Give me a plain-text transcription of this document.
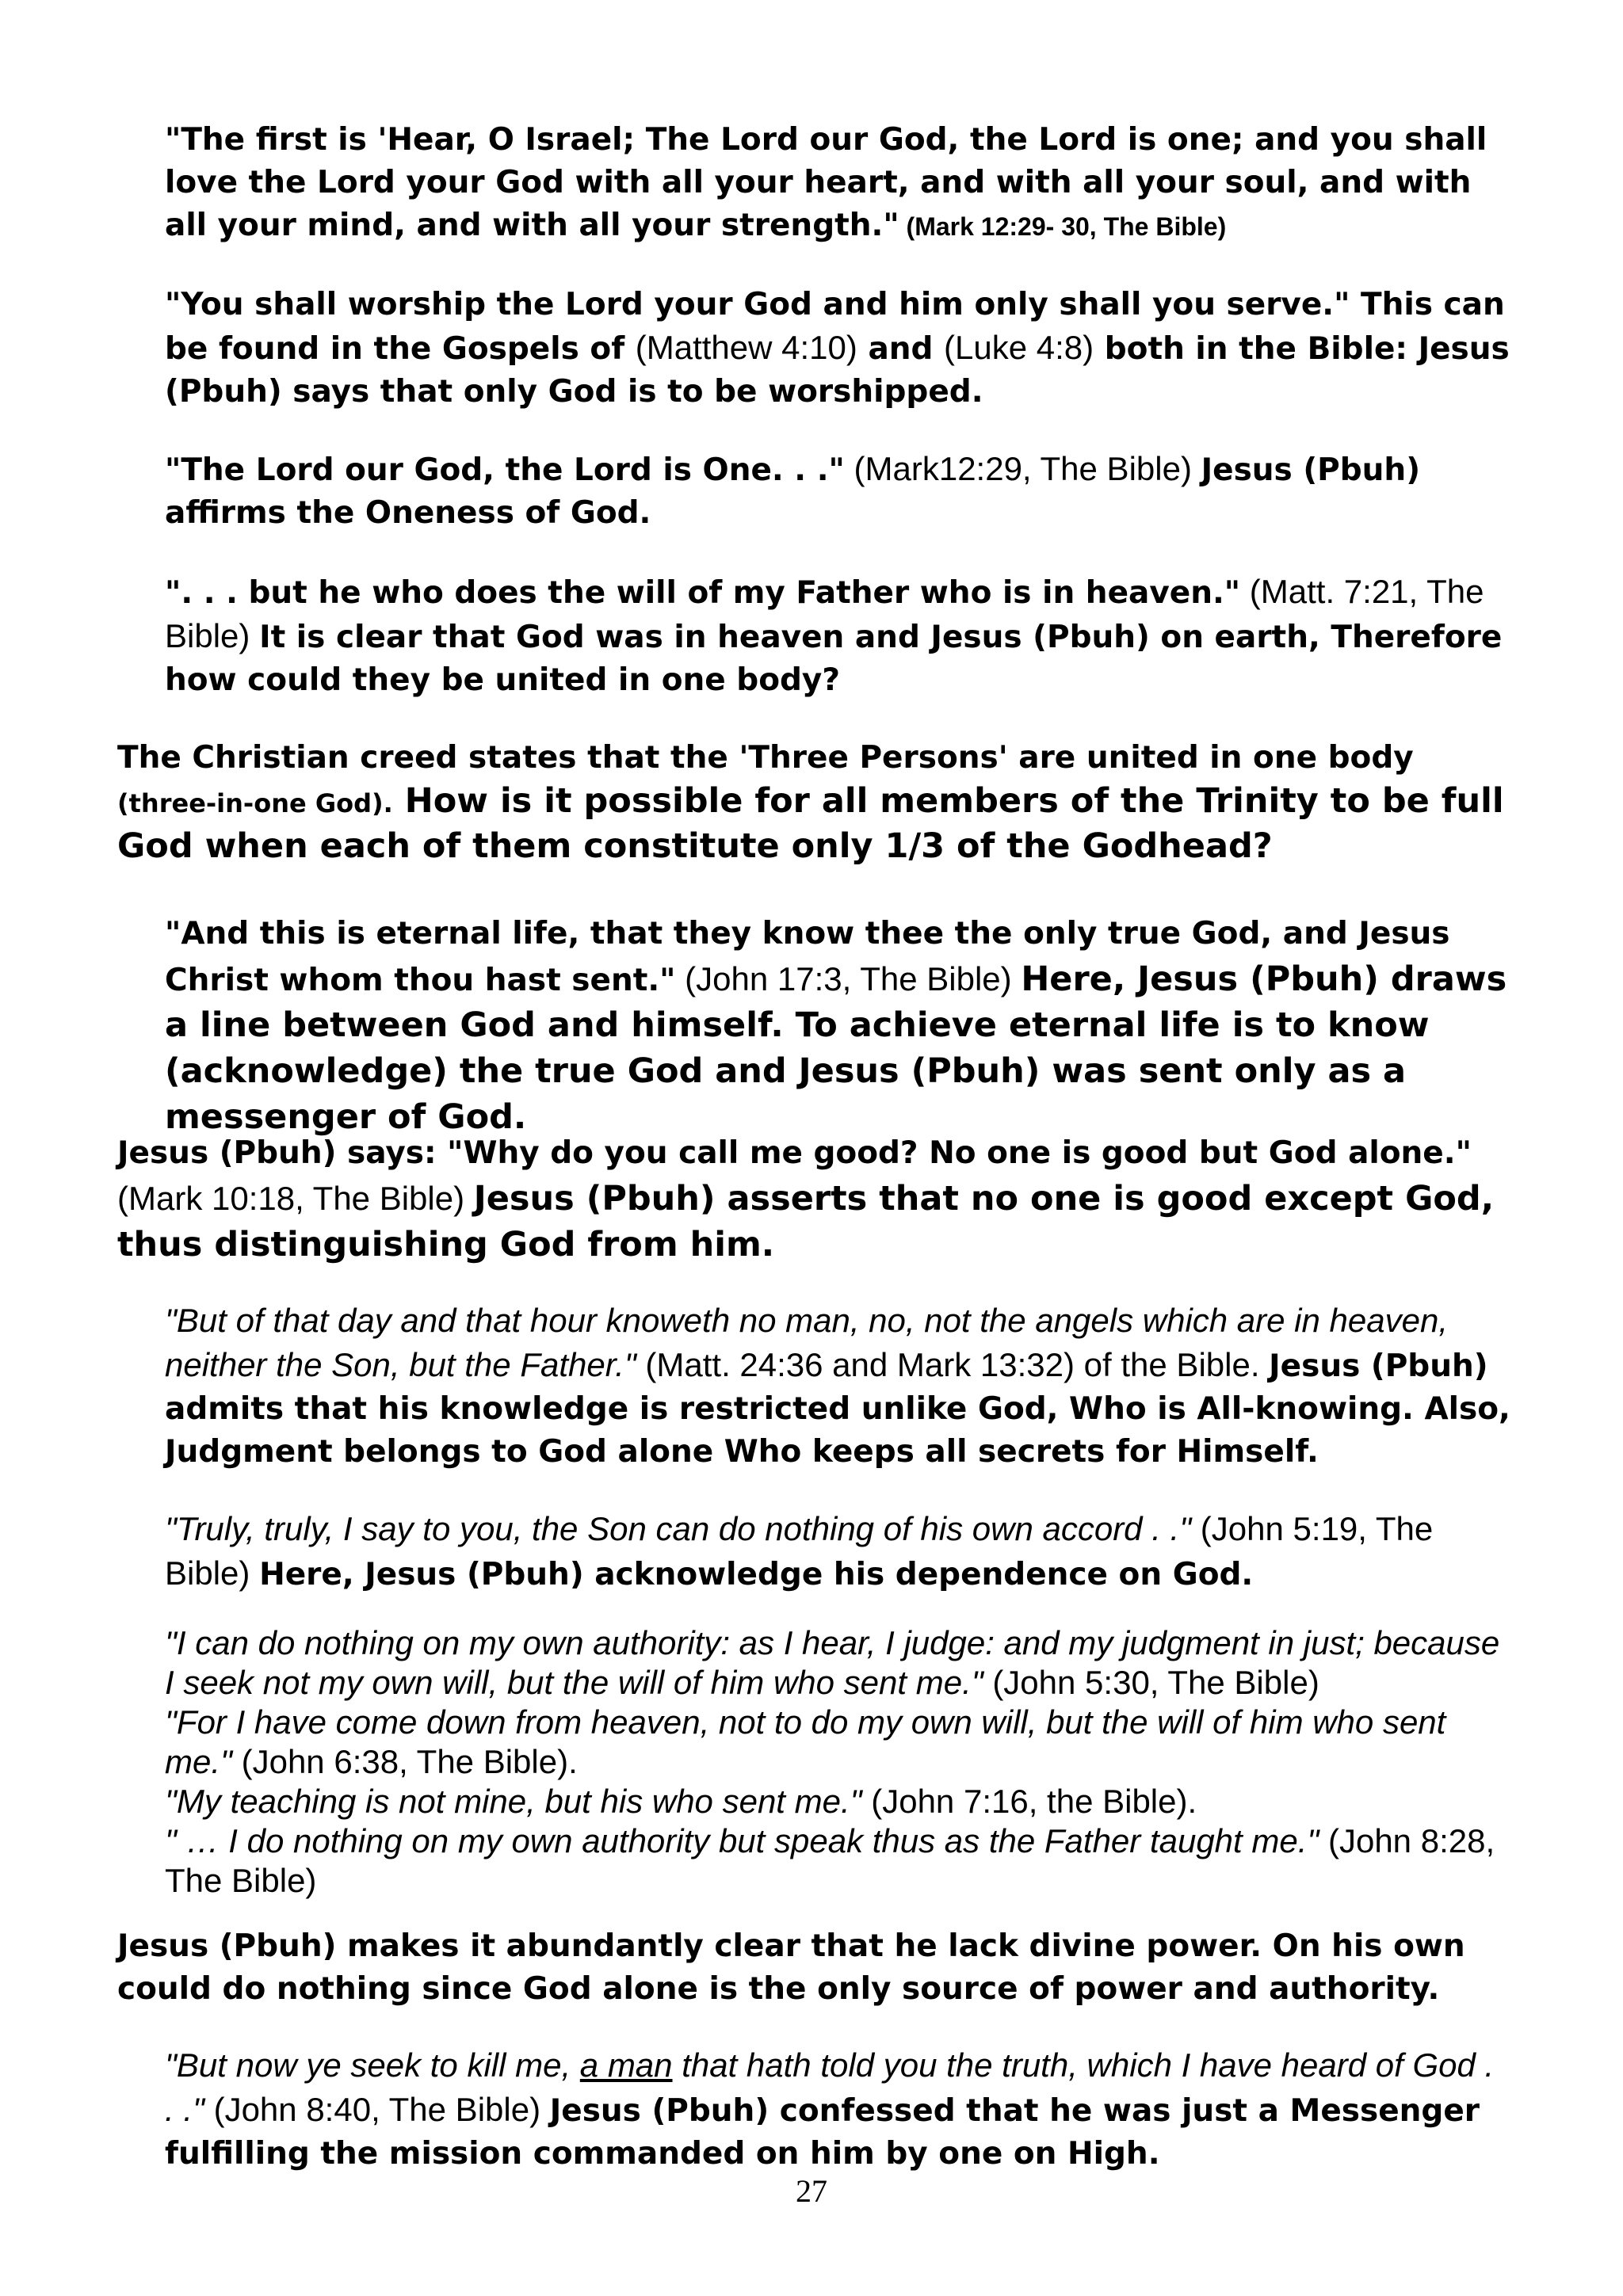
"The first is 'Hear, O Israel; The Lord our God, the Lord is one; and you shall love the Lord your God with all your heart, and with all your soul, and with all your mind, and with all your strength." (Mark 12:29- 30, The Bible)

"You shall worship the Lord your God and him only shall you serve." This can be found in the Gospels of (Matthew 4:10) and (Luke 4:8) both in the Bible: Jesus (Pbuh) says that only God is to be worshipped.

"The Lord our God, the Lord is One. . ." (Mark12:29, The Bible) Jesus (Pbuh) affirms the Oneness of God.

". . . but he who does the will of my Father who is in heaven." (Matt. 7:21, The Bible) It is clear that God was in heaven and Jesus (Pbuh) on earth, Therefore how could they be united in one body?

The Christian creed states that the 'Three Persons' are united in one body (three-in-one God). How is it possible for all members of the Trinity to be full God when each of them constitute only 1/3 of the Godhead?

"And this is eternal life, that they know thee the only true God, and Jesus Christ whom thou hast sent." (John 17:3, The Bible) Here, Jesus (Pbuh) draws a line between God and himself. To achieve eternal life is to know (acknowledge) the true God and Jesus (Pbuh) was sent only as a messenger of God.

Jesus (Pbuh) says: "Why do you call me good? No one is good but God alone." (Mark 10:18, The Bible) Jesus (Pbuh) asserts that no one is good except God, thus distinguishing God from him.

"But of that day and that hour knoweth no man, no, not the angels which are in heaven, neither the Son, but the Father." (Matt. 24:36 and Mark 13:32) of the Bible. Jesus (Pbuh) admits that his knowledge is restricted unlike God, Who is All-knowing. Also, Judgment belongs to God alone Who keeps all secrets for Himself.

"Truly, truly, I say to you, the Son can do nothing of his own accord . ." (John 5:19, The Bible) Here, Jesus (Pbuh) acknowledge his dependence on God.

"I can do nothing on my own authority: as I hear, I judge: and my judgment in just; because I seek not my own will, but the will of him who sent me." (John 5:30, The Bible)

"For I have come down from heaven, not to do my own will, but the will of him who sent me." (John 6:38, The Bible).

"My teaching is not mine, but his who sent me." (John 7:16, the Bible).

" … I do nothing on my own authority but speak thus as the Father taught me." (John 8:28, The Bible)

Jesus (Pbuh) makes it abundantly clear that he lack divine power. On his own could do nothing since God alone is the only source of power and authority.

"But now ye seek to kill me, a man that hath told you the truth, which I have heard of God . . ." (John 8:40, The Bible) Jesus (Pbuh) confessed that he was just a Messenger fulfilling the mission commanded on him by one on High.

27
